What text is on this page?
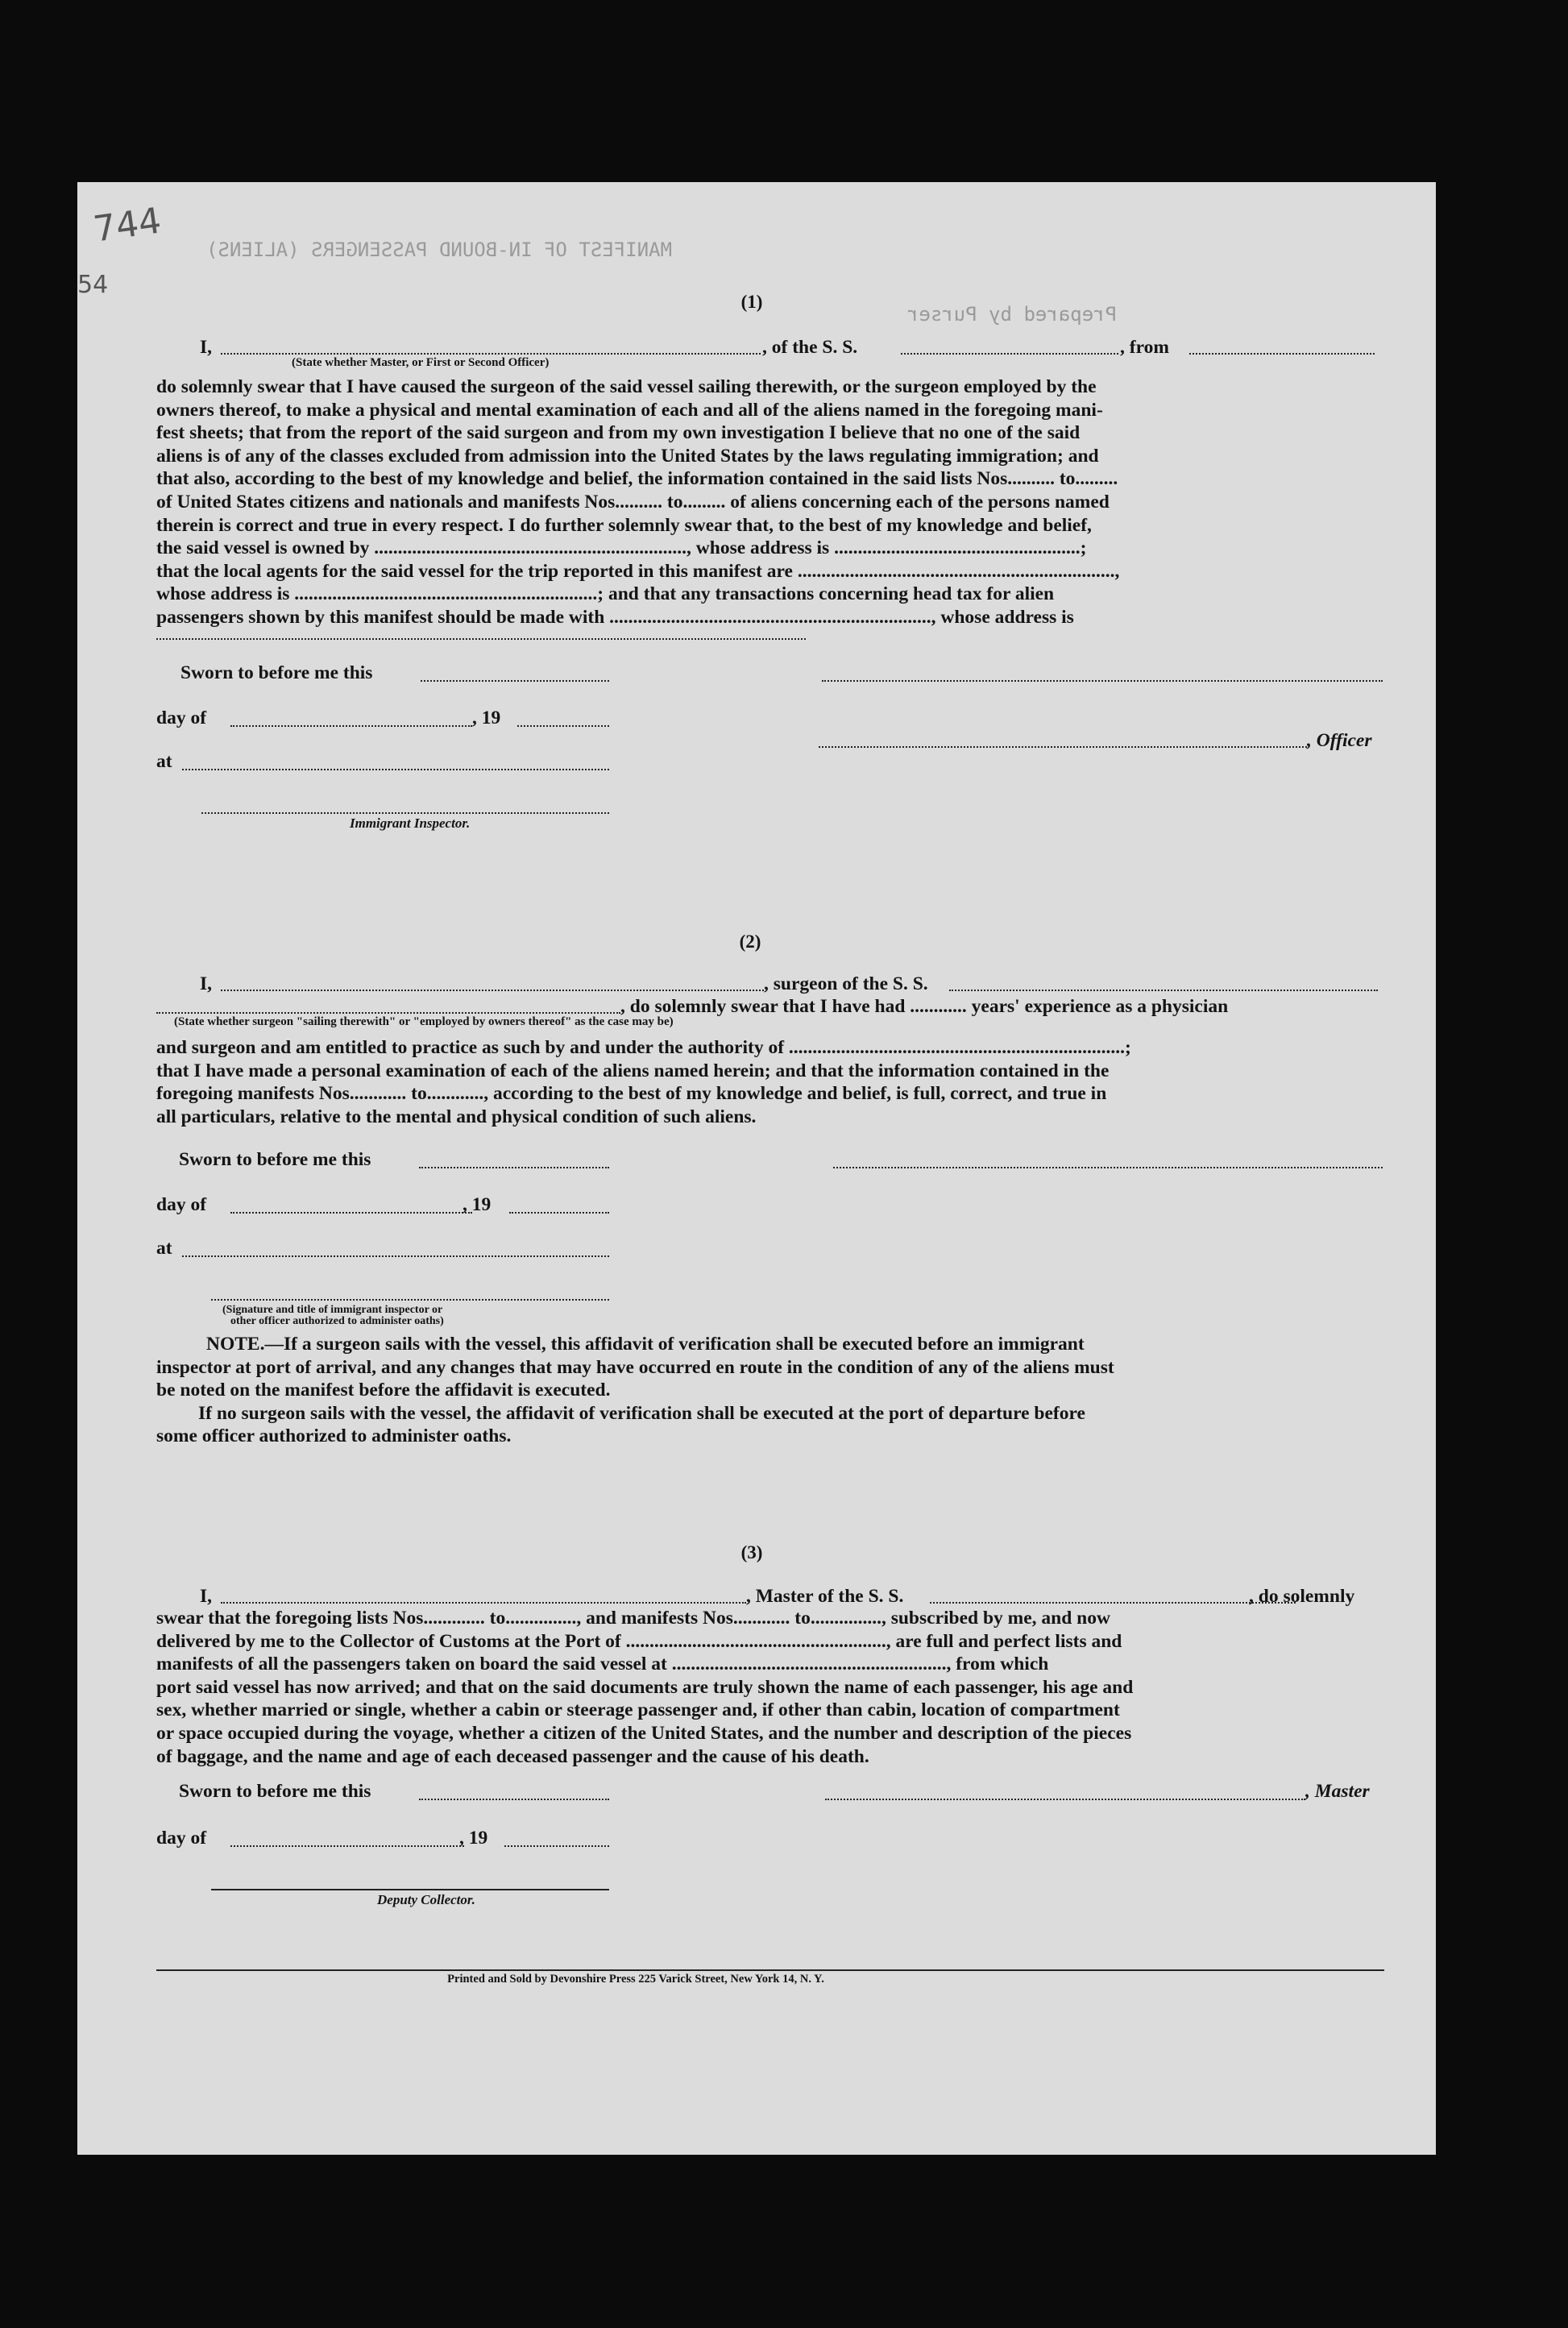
744
54
MANIFEST OF IN-BOUND PASSENGERS (ALIENS)
Prepared by Purser
(1)
I,	, of the S. S.	, from
(State whether Master, or First or Second Officer)
do solemnly swear that I have caused the surgeon of the said vessel sailing therewith, or the surgeon employed by the
owners thereof, to make a physical and mental examination of each and all of the aliens named in the foregoing mani-
fest sheets; that from the report of the said surgeon and from my own investigation I believe that no one of the said
aliens is of any of the classes excluded from admission into the United States by the laws regulating immigration; and
that also, according to the best of my knowledge and belief, the information contained in the said lists Nos.......... to.........
of United States citizens and nationals and manifests Nos.......... to......... of aliens concerning each of the persons named
therein is correct and true in every respect. I do further solemnly swear that, to the best of my knowledge and belief,
the said vessel is owned by .................................................................., whose address is ....................................................;
that the local agents for the said vessel for the trip reported in this manifest are ...................................................................,
whose address is ................................................................; and that any transactions concerning head tax for alien
passengers shown by this manifest should be made with ...................................................................., whose address is
Sworn to before me this
day of	, 19
, Officer
at
Immigrant Inspector.
(2)
I,	, surgeon of the S. S.
, do solemnly swear that I have had ............ years' experience as a physician
(State whether surgeon "sailing therewith" or "employed by owners thereof" as the case may be)
and surgeon and am entitled to practice as such by and under the authority of .......................................................................;
that I have made a personal examination of each of the aliens named herein; and that the information contained in the
foregoing manifests Nos............ to............, according to the best of my knowledge and belief, is full, correct, and true in
all particulars, relative to the mental and physical condition of such aliens.
Sworn to before me this
day of	, 19
at
(Signature and title of immigrant inspector or
other officer authorized to administer oaths)
NOTE.—If a surgeon sails with the vessel, this affidavit of verification shall be executed before an immigrant
inspector at port of arrival, and any changes that may have occurred en route in the condition of any of the aliens must
be noted on the manifest before the affidavit is executed.
If no surgeon sails with the vessel, the affidavit of verification shall be executed at the port of departure before
some officer authorized to administer oaths.
(3)
I,	, Master of the S. S.	, do solemnly
swear that the foregoing lists Nos............. to..............., and manifests Nos............ to..............., subscribed by me, and now
delivered by me to the Collector of Customs at the Port of ......................................................., are full and perfect lists and
manifests of all the passengers taken on board the said vessel at .........................................................., from which
port said vessel has now arrived; and that on the said documents are truly shown the name of each passenger, his age and
sex, whether married or single, whether a cabin or steerage passenger and, if other than cabin, location of compartment
or space occupied during the voyage, whether a citizen of the United States, and the number and description of the pieces
of baggage, and the name and age of each deceased passenger and the cause of his death.
Sworn to before me this	, Master
day of	, 19
Deputy Collector.
Printed and Sold by Devonshire Press 225 Varick Street, New York 14, N. Y.
